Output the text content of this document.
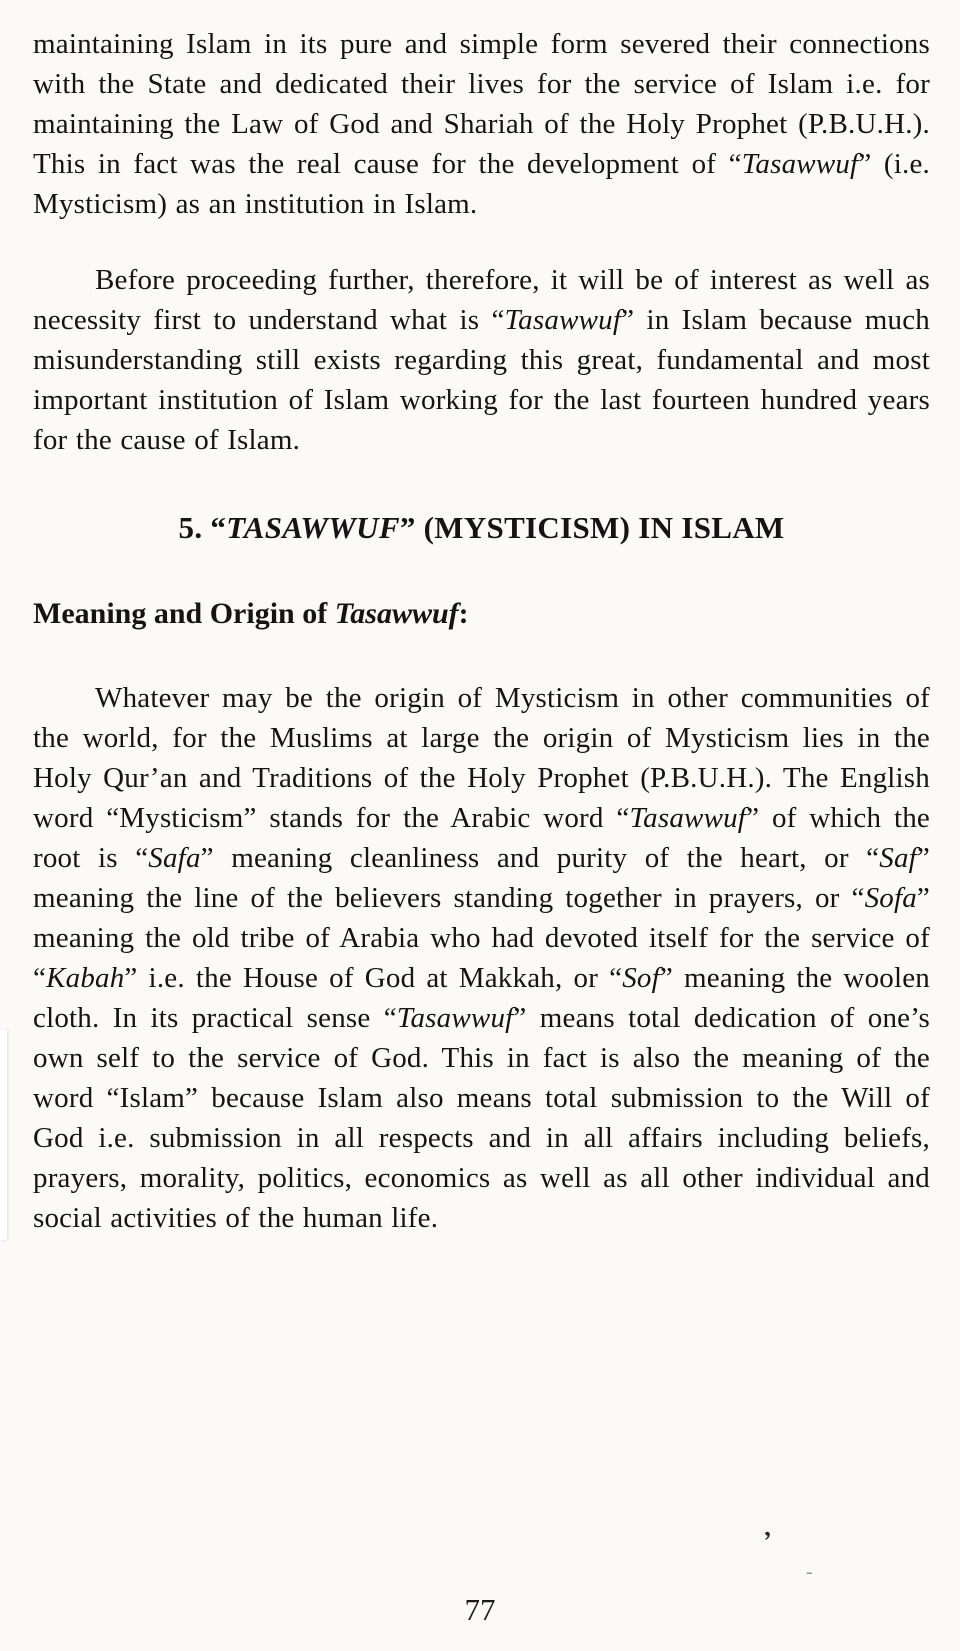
maintaining Islam in its pure and simple form severed their connections with the State and dedicated their lives for the service of Islam i.e. for maintaining the Law of God and Shariah of the Holy Prophet (P.B.U.H.). This in fact was the real cause for the development of “Tasawwuf” (i.e. Mysticism) as an institution in Islam.

Before proceeding further, therefore, it will be of interest as well as necessity first to understand what is “Tasawwuf” in Islam because much misunderstanding still exists regarding this great, fundamental and most important institution of Islam working for the last fourteen hundred years for the cause of Islam.

5. “TASAWWUF” (MYSTICISM) IN ISLAM
Meaning and Origin of Tasawwuf:

Whatever may be the origin of Mysticism in other communities of the world, for the Muslims at large the origin of Mysticism lies in the Holy Qur’an and Traditions of the Holy Prophet (P.B.U.H.). The English word “Mysticism” stands for the Arabic word “Tasawwuf” of which the root is “Safa” meaning cleanliness and purity of the heart, or “Saf” meaning the line of the believers standing together in prayers, or “Sofa” meaning the old tribe of Arabia who had devoted itself for the service of “Kabah” i.e. the House of God at Makkah, or “Sof” meaning the woolen cloth. In its practical sense “Tasawwuf” means total dedication of one’s own self to the service of God. This in fact is also the meaning of the word “Islam” because Islam also means total submission to the Will of God i.e. submission in all respects and in all affairs including beliefs, prayers, morality, politics, economics as well as all other individual and social activities of the human life.

77
’
-
